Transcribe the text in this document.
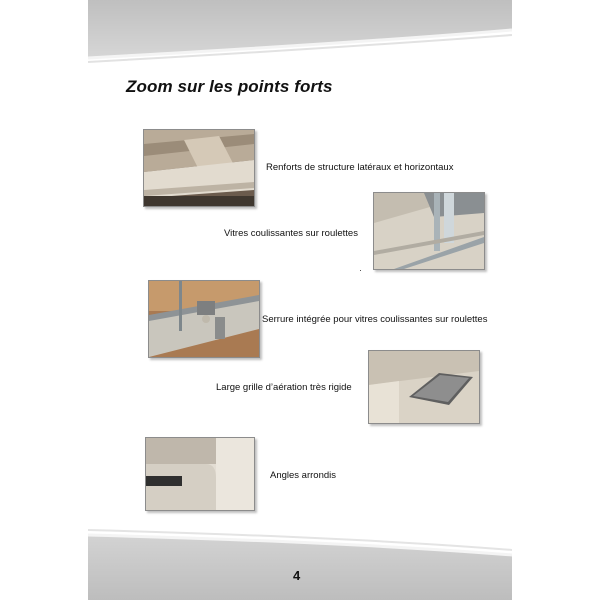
Zoom sur les points forts
Renforts de structure latéraux et horizontaux
Vitres coulissantes sur roulettes
Serrure intégrée pour vitres coulissantes sur roulettes
Large grille d’aération très rigide
Angles arrondis
4
